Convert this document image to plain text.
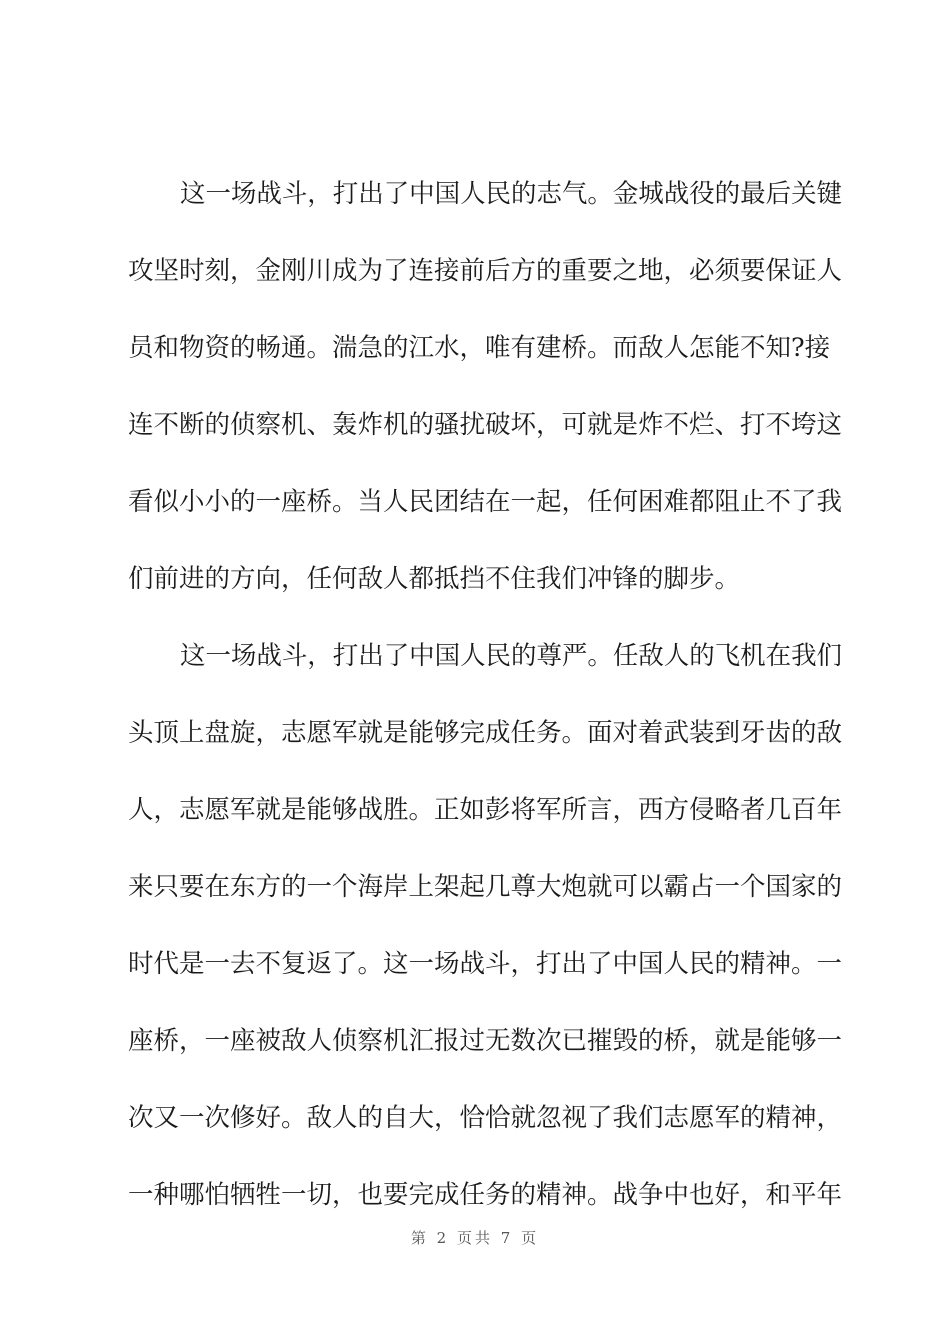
这一场战斗，打出了中国人民的志气。金城战役的最后关键
攻坚时刻，金刚川成为了连接前后方的重要之地，必须要保证人
员和物资的畅通。湍急的江水，唯有建桥。而敌人怎能不知?接
连不断的侦察机、轰炸机的骚扰破坏，可就是炸不烂、打不垮这
看似小小的一座桥。当人民团结在一起，任何困难都阻止不了我
们前进的方向，任何敌人都抵挡不住我们冲锋的脚步。
这一场战斗，打出了中国人民的尊严。任敌人的飞机在我们
头顶上盘旋，志愿军就是能够完成任务。面对着武装到牙齿的敌
人，志愿军就是能够战胜。正如彭将军所言，西方侵略者几百年
来只要在东方的一个海岸上架起几尊大炮就可以霸占一个国家的
时代是一去不复返了。这一场战斗，打出了中国人民的精神。一
座桥，一座被敌人侦察机汇报过无数次已摧毁的桥，就是能够一
次又一次修好。敌人的自大，恰恰就忽视了我们志愿军的精神，
一种哪怕牺牲一切，也要完成任务的精神。战争中也好，和平年
第 2 页共 7 页
